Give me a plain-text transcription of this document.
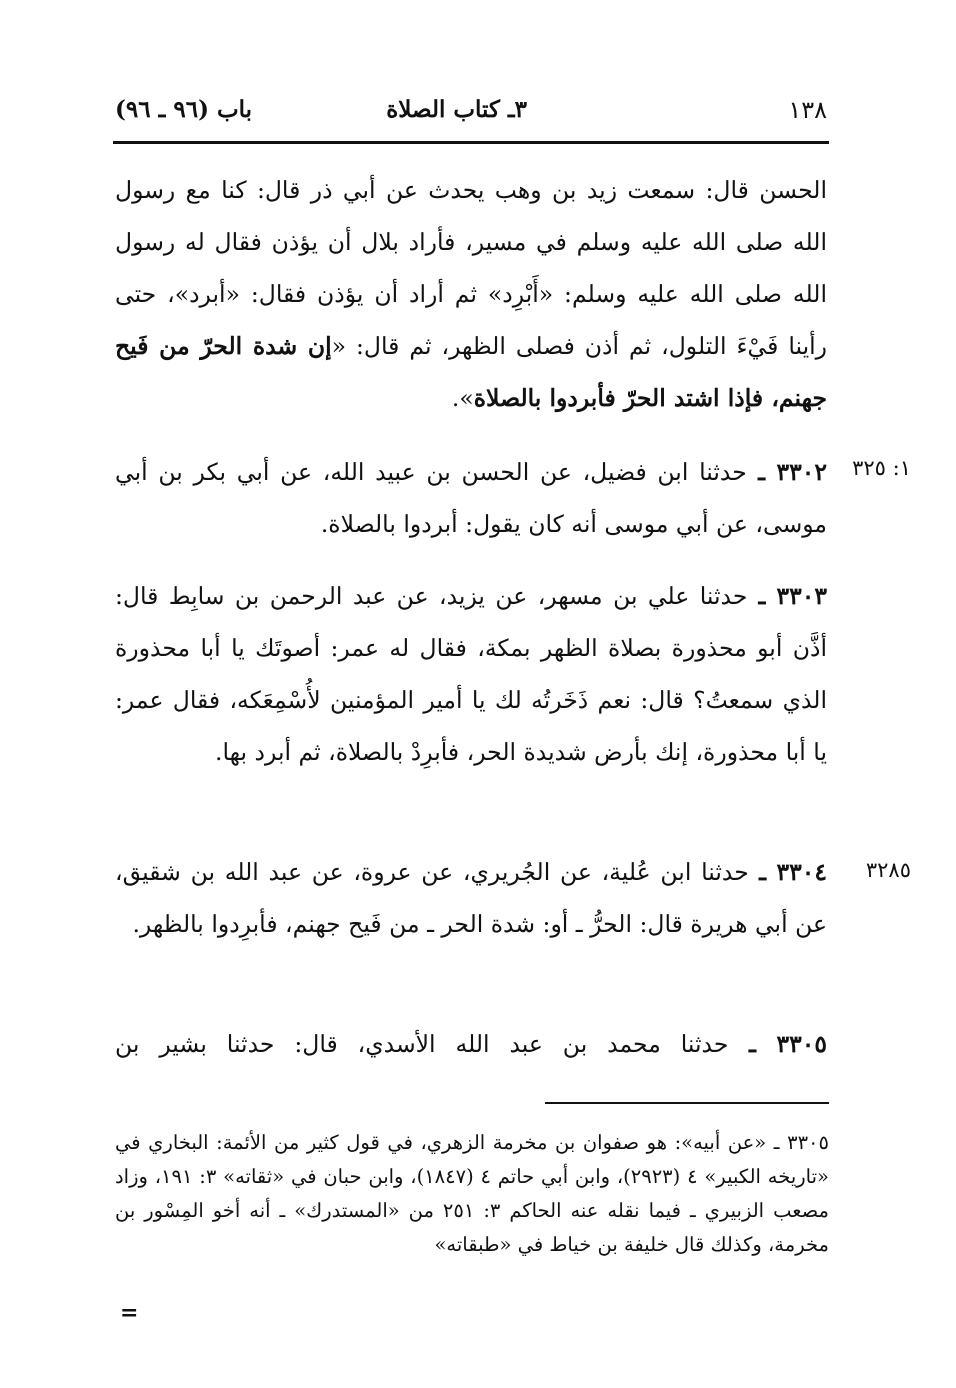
١٣٨
٣ـ كتاب الصلاة
باب (٩٦ ـ ٩٦)

الحسن قال: سمعت زيد بن وهب يحدث عن أبي ذر قال: كنا مع رسول الله صلى الله عليه وسلم في مسير، فأراد بلال أن يؤذن فقال له رسول الله صلى الله عليه وسلم: «أَبْرِد» ثم أراد أن يؤذن فقال: «أبرد»، حتى رأينا فَيْءَ التلول، ثم أذن فصلى الظهر، ثم قال: «إن شدة الحرّ من فَيح جهنم، فإذا اشتد الحرّ فأبردوا بالصلاة».

١: ٣٢٥

٣٣٠٢ ـ حدثنا ابن فضيل، عن الحسن بن عبيد الله، عن أبي بكر بن أبي موسى، عن أبي موسى أنه كان يقول: أبردوا بالصلاة.

٣٣٠٣ ـ حدثنا علي بن مسهر، عن يزيد، عن عبد الرحمن بن سابِط قال: أذَّن أبو محذورة بصلاة الظهر بمكة، فقال له عمر: أصوتَك يا أبا محذورة الذي سمعتُ؟ قال: نعم ذَخَرتُه لك يا أمير المؤمنين لأُسْمِعَكه، فقال عمر: يا أبا محذورة، إنك بأرض شديدة الحر، فأبرِدْ بالصلاة، ثم أبرد بها.

٣٢٨٥

٣٣٠٤ ـ حدثنا ابن عُلية، عن الجُريري، عن عروة، عن عبد الله بن شقيق، عن أبي هريرة قال: الحرُّ ـ أو: شدة الحر ـ من فَيح جهنم، فأبرِدوا بالظهر.

٣٣٠٥ ـ حدثنا محمد بن عبد الله الأسدي، قال: حدثنا بشير بن

٣٣٠٥ ـ «عن أبيه»: هو صفوان بن مخرمة الزهري، في قول كثير من الأئمة: البخاري في «تاريخه الكبير» ٤ (٢٩٢٣)، وابن أبي حاتم ٤ (١٨٤٧)، وابن حبان في «ثقاته» ٣: ١٩١، وزاد مصعب الزبيري ـ فيما نقله عنه الحاكم ٣: ٢٥١ من «المستدرك» ـ أنه أخو المِسْور بن مخرمة، وكذلك قال خليفة بن خياط في «طبقاته»

=
